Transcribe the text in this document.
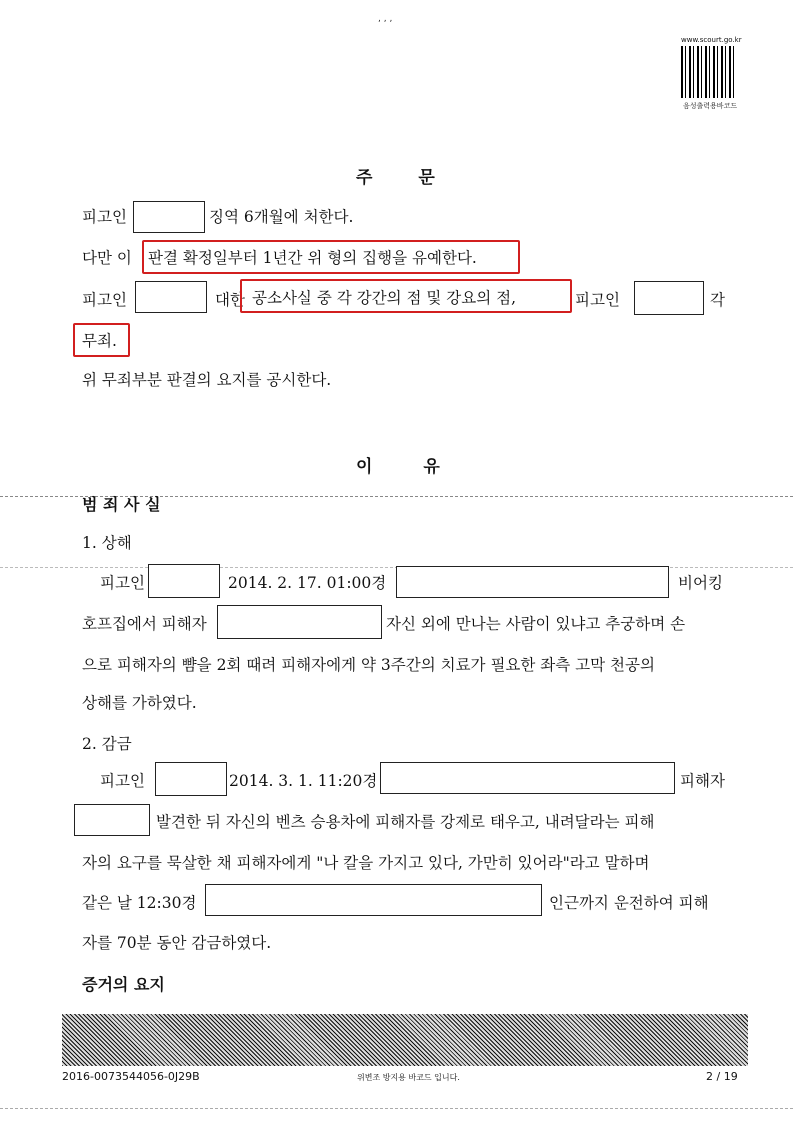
, , ,
www.scourt.go.kr
음성출력용바코드
주 문
피고인	징역 6개월에 처한다.
다만 이 판결 확정일부터 1년간 위 형의 집행을 유예한다.
피고인	대한 공소사실 중 각 강간의 점 및 강요의 점,	피고인	각
무죄.
위 무죄부분 판결의 요지를 공시한다.
이 유
범 죄 사 실
1. 상해
피고인	2014. 2. 17. 01:00경	비어킹
호프집에서 피해자	자신 외에 만나는 사람이 있냐고 추궁하며 손
으로 피해자의 뺨을 2회 때려 피해자에게 약 3주간의 치료가 필요한 좌측 고막 천공의
상해를 가하였다.
2. 감금
피고인	2014. 3. 1. 11:20경	피해자
발견한 뒤 자신의 벤츠 승용차에 피해자를 강제로 태우고, 내려달라는 피해
자의 요구를 묵살한 채 피해자에게 "나 칼을 가지고 있다, 가만히 있어라"라고 말하며
같은 날 12:30경	인근까지 운전하여 피해
자를 70분 동안 감금하였다.
증거의 요지
2016-0073544056-0J29B	위변조 방지용 바코드 입니다.	2 / 19
